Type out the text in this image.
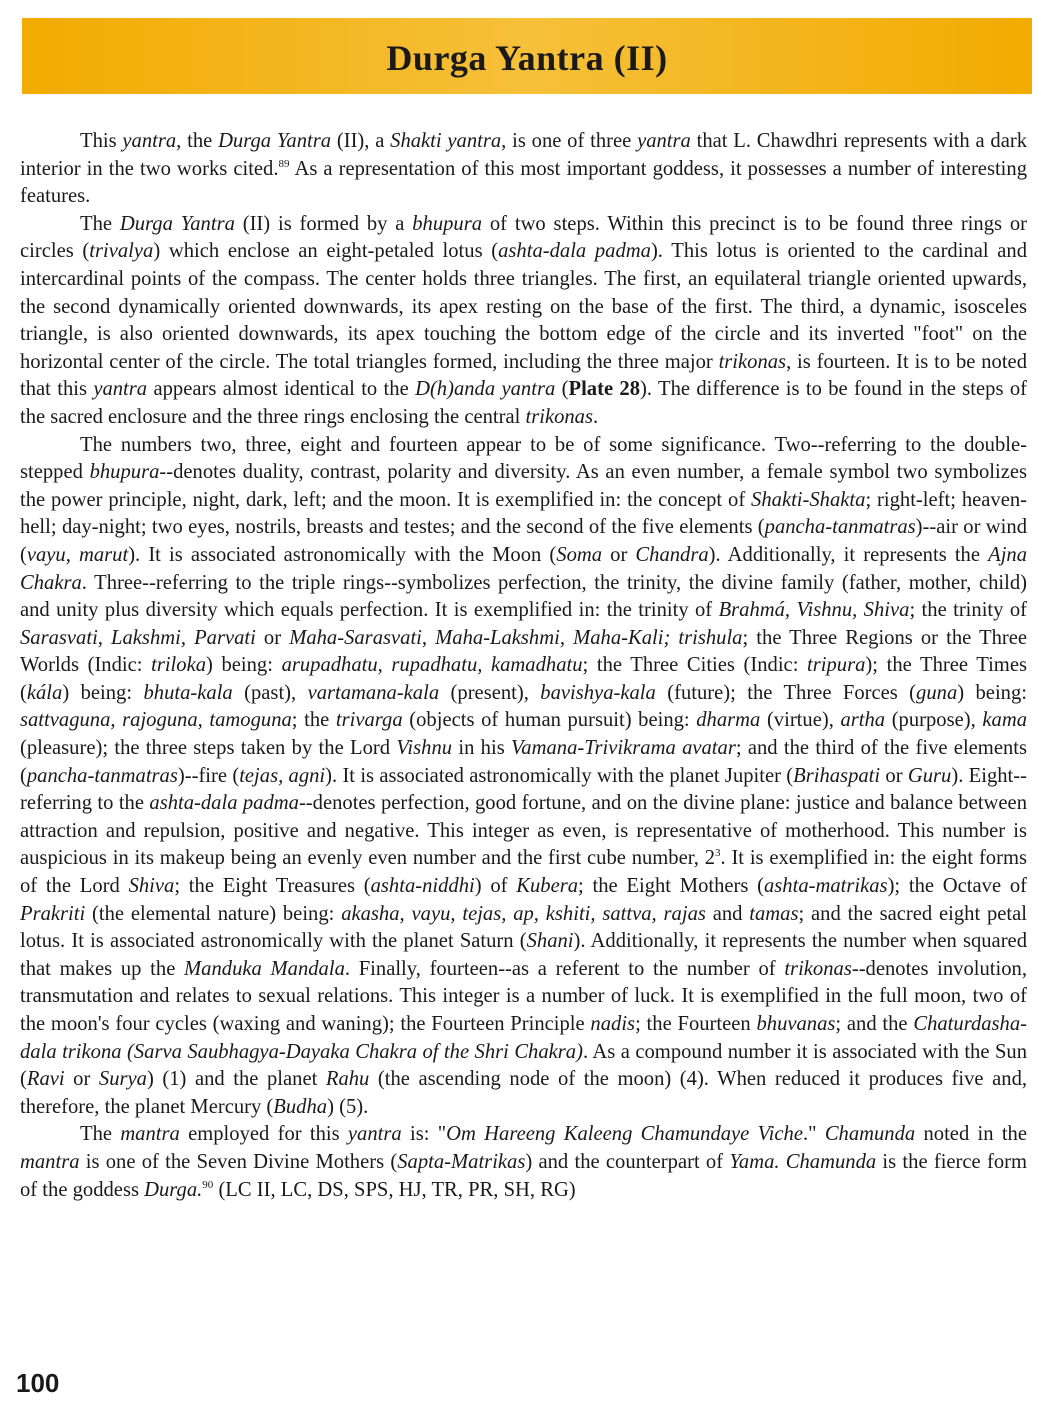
Durga Yantra (II)

This yantra, the Durga Yantra (II), a Shakti yantra, is one of three yantra that L. Chawdhri represents with a dark interior in the two works cited.$^{89}$ As a representation of this most important goddess, it possesses a number of interesting features.

The Durga Yantra (II) is formed by a bhupura of two steps. Within this precinct is to be found three rings or circles (trivalya) which enclose an eight-petaled lotus (ashta-dala padma). This lotus is oriented to the cardinal and intercardinal points of the compass. The center holds three triangles. The first, an equilateral triangle oriented upwards, the second dynamically oriented downwards, its apex resting on the base of the first. The third, a dynamic, isosceles triangle, is also oriented downwards, its apex touching the bottom edge of the circle and its inverted "foot" on the horizontal center of the circle. The total triangles formed, including the three major trikonas, is fourteen. It is to be noted that this yantra appears almost identical to the D(h)anda yantra (Plate 28). The difference is to be found in the steps of the sacred enclosure and the three rings enclosing the central trikonas.

The numbers two, three, eight and fourteen appear to be of some significance. Two--referring to the double-stepped bhupura--denotes duality, contrast, polarity and diversity. As an even number, a female symbol two symbolizes the power principle, night, dark, left; and the moon. It is exemplified in: the concept of Shakti-Shakta; right-left; heaven-hell; day-night; two eyes, nostrils, breasts and testes; and the second of the five elements (pancha-tanmatras)--air or wind (vayu, marut). It is associated astronomically with the Moon (Soma or Chandra). Additionally, it represents the Ajna Chakra. Three--referring to the triple rings--symbolizes perfection, the trinity, the divine family (father, mother, child) and unity plus diversity which equals perfection. It is exemplified in: the trinity of Brahmá, Vishnu, Shiva; the trinity of Sarasvati, Lakshmi, Parvati or Maha-Sarasvati, Maha-Lakshmi, Maha-Kali; trishula; the Three Regions or the Three Worlds (Indic: triloka) being: arupadhatu, rupadhatu, kamadhatu; the Three Cities (Indic: tripura); the Three Times (kála) being: bhuta-kala (past), vartamana-kala (present), bavishya-kala (future); the Three Forces (guna) being: sattvaguna, rajoguna, tamoguna; the trivarga (objects of human pursuit) being: dharma (virtue), artha (purpose), kama (pleasure); the three steps taken by the Lord Vishnu in his Vamana-Trivikrama avatar; and the third of the five elements (pancha-tanmatras)--fire (tejas, agni). It is associated astronomically with the planet Jupiter (Brihaspati or Guru). Eight--referring to the ashta-dala padma--denotes perfection, good fortune, and on the divine plane: justice and balance between attraction and repulsion, positive and negative. This integer as even, is representative of motherhood. This number is auspicious in its makeup being an evenly even number and the first cube number, $2^3$. It is exemplified in: the eight forms of the Lord Shiva; the Eight Treasures (ashta-niddhi) of Kubera; the Eight Mothers (ashta-matrikas); the Octave of Prakriti (the elemental nature) being: akasha, vayu, tejas, ap, kshiti, sattva, rajas and tamas; and the sacred eight petal lotus. It is associated astronomically with the planet Saturn (Shani). Additionally, it represents the number when squared that makes up the Manduka Mandala. Finally, fourteen--as a referent to the number of trikonas--denotes involution, transmutation and relates to sexual relations. This integer is a number of luck. It is exemplified in the full moon, two of the moon's four cycles (waxing and waning); the Fourteen Principle nadis; the Fourteen bhuvanas; and the Chaturdasha-dala trikona (Sarva Saubhagya-Dayaka Chakra of the Shri Chakra). As a compound number it is associated with the Sun (Ravi or Surya) (1) and the planet Rahu (the ascending node of the moon) (4). When reduced it produces five and, therefore, the planet Mercury (Budha) (5).

The mantra employed for this yantra is: "Om Hareeng Kaleeng Chamundaye Viche." Chamunda noted in the mantra is one of the Seven Divine Mothers (Sapta-Matrikas) and the counterpart of Yama. Chamunda is the fierce form of the goddess Durga.$^{90}$ (LC II, LC, DS, SPS, HJ, TR, PR, SH, RG)

100
